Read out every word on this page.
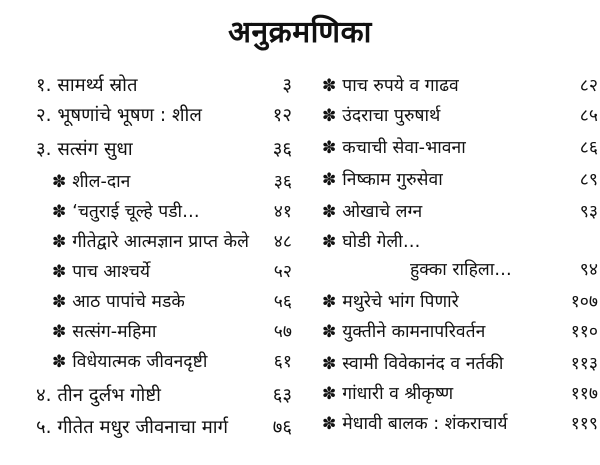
अनुक्रमणिका
१. सामर्थ्य स्रोत	३
२. भूषणांचे भूषण : शील	१२
३. सत्संग सुधा	३६
✽ शील-दान	३६
✽ ‘चतुराई चूल्हे पडी…	४१
✽ गीतेद्वारे आत्मज्ञान प्राप्त केले ४८
✽ पाच आश्चर्ये	५२
✽ आठ पापांचे मडके	५६
✽ सत्संग-महिमा	५७
✽ विधेयात्मक जीवनदृष्टी	६१
४. तीन दुर्लभ गोष्टी	६३
५. गीतेत मधुर जीवनाचा मार्ग ७६
✽ पाच रुपये व गाढव	८२
✽ उंदराचा पुरुषार्थ	८५
✽ कचाची सेवा-भावना	८६
✽ निष्काम गुरुसेवा	८९
✽ ओखाचे लग्न	९३
✽ घोडी गेली…
हुक्का राहिला…	९४
✽ मथुरेचे भांग पिणारे	१०७
✽ युक्तीने कामनापरिवर्तन	११०
✽ स्वामी विवेकानंद व नर्तकी	११३
✽ गांधारी व श्रीकृष्ण	११७
✽ मेधावी बालक : शंकराचार्य	११९
